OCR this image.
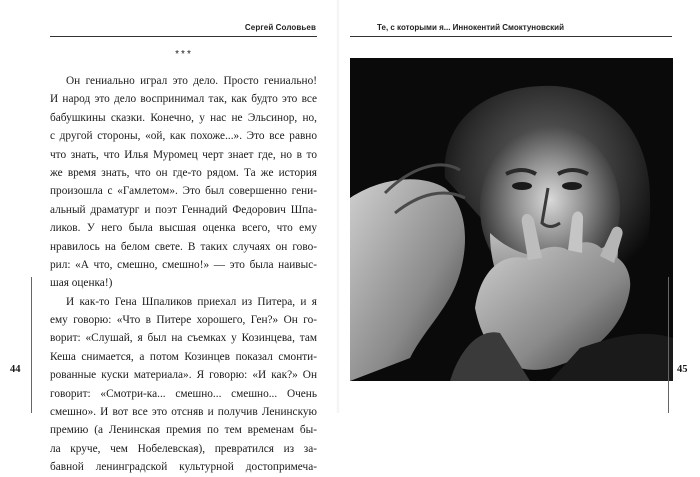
Сергей Соловьев
***
Он гениально играл это дело. Просто гениально!
И народ это дело воспринимал так, как будто это все
бабушкины сказки. Конечно, у нас не Эльсинор, но,
с другой стороны, «ой, как похоже...». Это все равно
что знать, что Илья Муромец черт знает где, но в то
же время знать, что он где-то рядом. Та же история
произошла с «Гамлетом». Это был совершенно гени-
альный драматург и поэт Геннадий Федорович Шпа-
ликов. У него была высшая оценка всего, что ему
нравилось на белом свете. В таких случаях он гово-
рил: «А что, смешно, смешно!» — это была наивыс-
шая оценка!)
И как-то Гена Шпаликов приехал из Питера, и я
ему говорю: «Что в Питере хорошего, Ген?» Он го-
ворит: «Слушай, я был на съемках у Козинцева, там
Кеша снимается, а потом Козинцев показал смонти-
рованные куски материала». Я говорю: «И как?» Он
говорит: «Смотри-ка... смешно... смешно... Очень
смешно». И вот все это отсняв и получив Ленинскую
премию (а Ленинская премия по тем временам бы-
ла круче, чем Нобелевская), превратился из за-
бавной ленинградской культурной достопримеча-
44
Те, с которыми я... Иннокентий Смоктуновский
45
